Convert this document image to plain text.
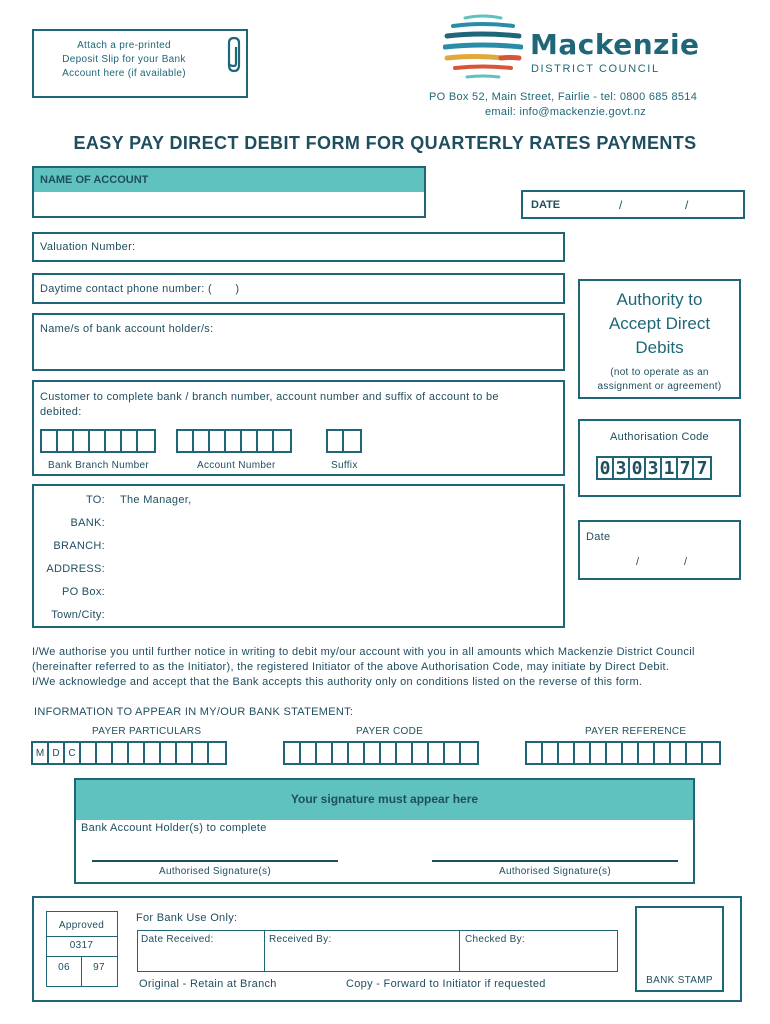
Attach a pre-printed
Deposit Slip for your Bank
Account here (if available)
Mackenzie
DISTRICT COUNCIL
PO Box 52, Main Street, Fairlie - tel: 0800 685 8514
email: info@mackenzie.govt.nz
EASY PAY DIRECT DEBIT FORM FOR QUARTERLY RATES PAYMENTS
NAME OF ACCOUNT
DATE	/	/
Valuation Number:
Daytime contact phone number: (       )
Name/s of bank account holder/s:
Customer to complete bank / branch number, account number and suffix of account to be debited:
Bank Branch Number	Account Number	Suffix
Authority to
Accept Direct
Debits
(not to operate as an
assignment or agreement)
Authorisation Code
0 3 0 3 1 7 7
TO: The Manager,
BANK:
BRANCH:
ADDRESS:
PO Box:
Town/City:
Date
/	/
I/We authorise you until further notice in writing to debit my/our account with you in all amounts which Mackenzie District Council
(hereinafter referred to as the Initiator), the registered Initiator of the above Authorisation Code, may initiate by Direct Debit.
I/We acknowledge and accept that the Bank accepts this authority only on conditions listed on the reverse of this form.
INFORMATION TO APPEAR IN MY/OUR BANK STATEMENT:
PAYER PARTICULARS	PAYER CODE	PAYER REFERENCE
M D C
Your signature must appear here
Bank Account Holder(s) to complete
Authorised Signature(s)	Authorised Signature(s)
For Bank Use Only:
Approved
0317
06	97
Date Received:	Received By:	Checked By:
Original - Retain at Branch	Copy - Forward to Initiator if requested	BANK STAMP
